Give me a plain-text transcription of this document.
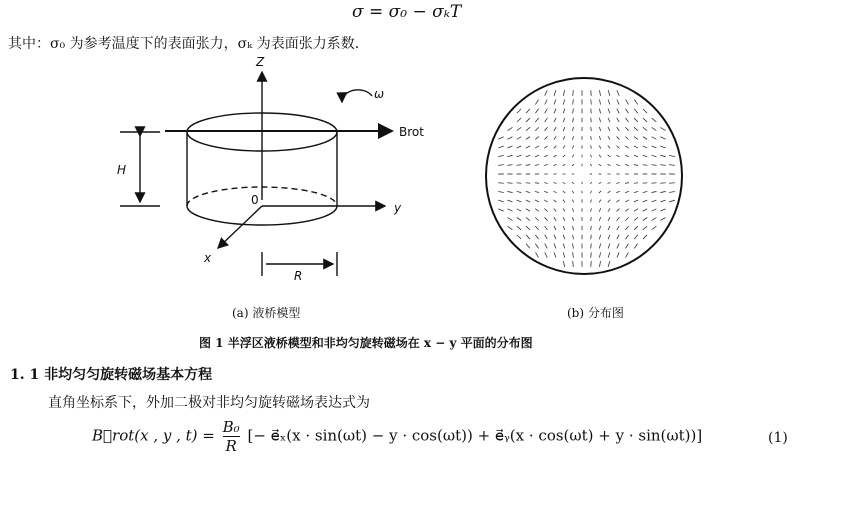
σ = σ₀ − σₖT
其中：σ₀ 为参考温度下的表面张力，σₖ 为表面张力系数.
Z
y
x
0
ω
Brot
H
R
(a) 液桥模型	(b) 分布图
图 1 半浮区液桥模型和非均匀旋转磁场在 x − y 平面的分布图
1. 1 非均匀匀旋转磁场基本方程
直角坐标系下，外加二极对非均匀旋转磁场表达式为
B⃗rot(x , y , $t) = \frac{\text{B₀}}{R}$ [− e⃗ₓ(x · sin(ωt) − y · cos(ωt)) + e⃗ᵧ(x · cos(ωt) + y · sin(ωt))]	(1)
